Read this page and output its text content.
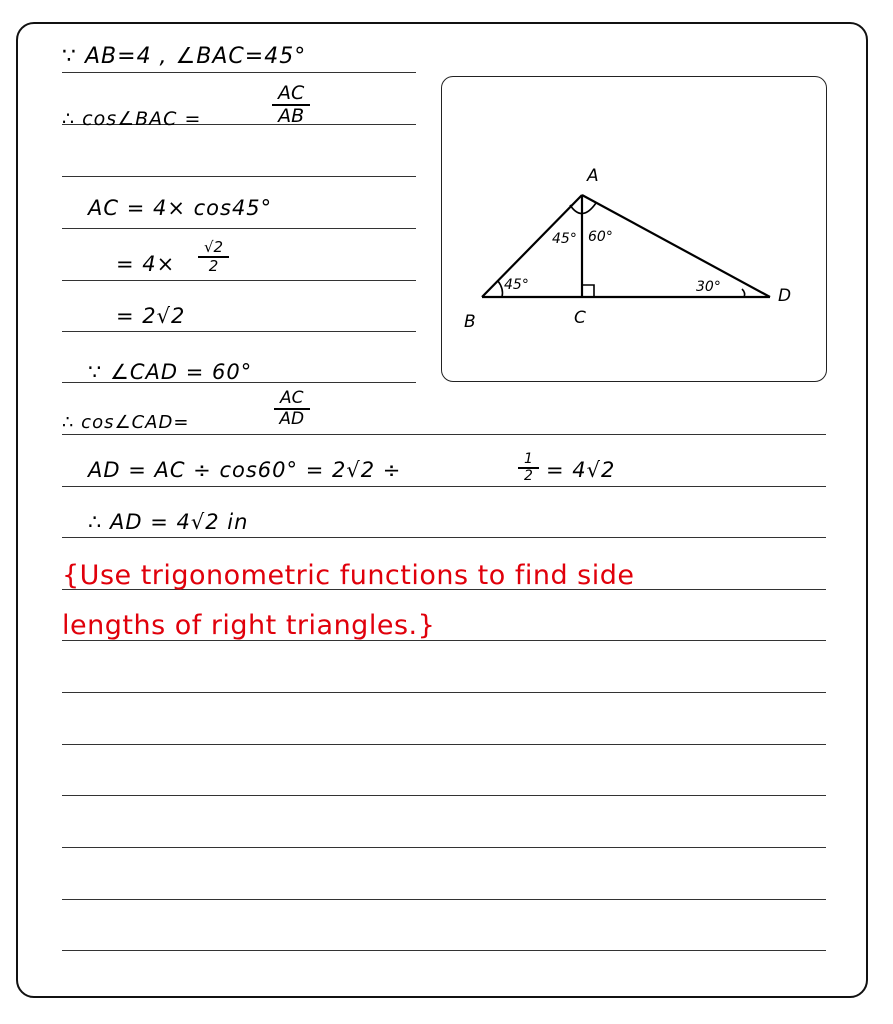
∵ AB=4 , ∠BAC=45°
∴ cos∠BAC =	$\frac{AC}{AB}$
AC = 4× cos45°
= $4\times \frac{√2}{2}$
= 2√2
∵ ∠CAD = 60°
∴ cos∠CAD=	$\frac{AC}{AD}$
AD = AC ÷ cos60° = 2√2 ÷	$\frac{1}{2} = 4√2$
∴ AD = 4√2 in
{Use trigonometric functions to find side
lengths of right triangles.}
A
B	C
D
45° 60°
45°	30°
